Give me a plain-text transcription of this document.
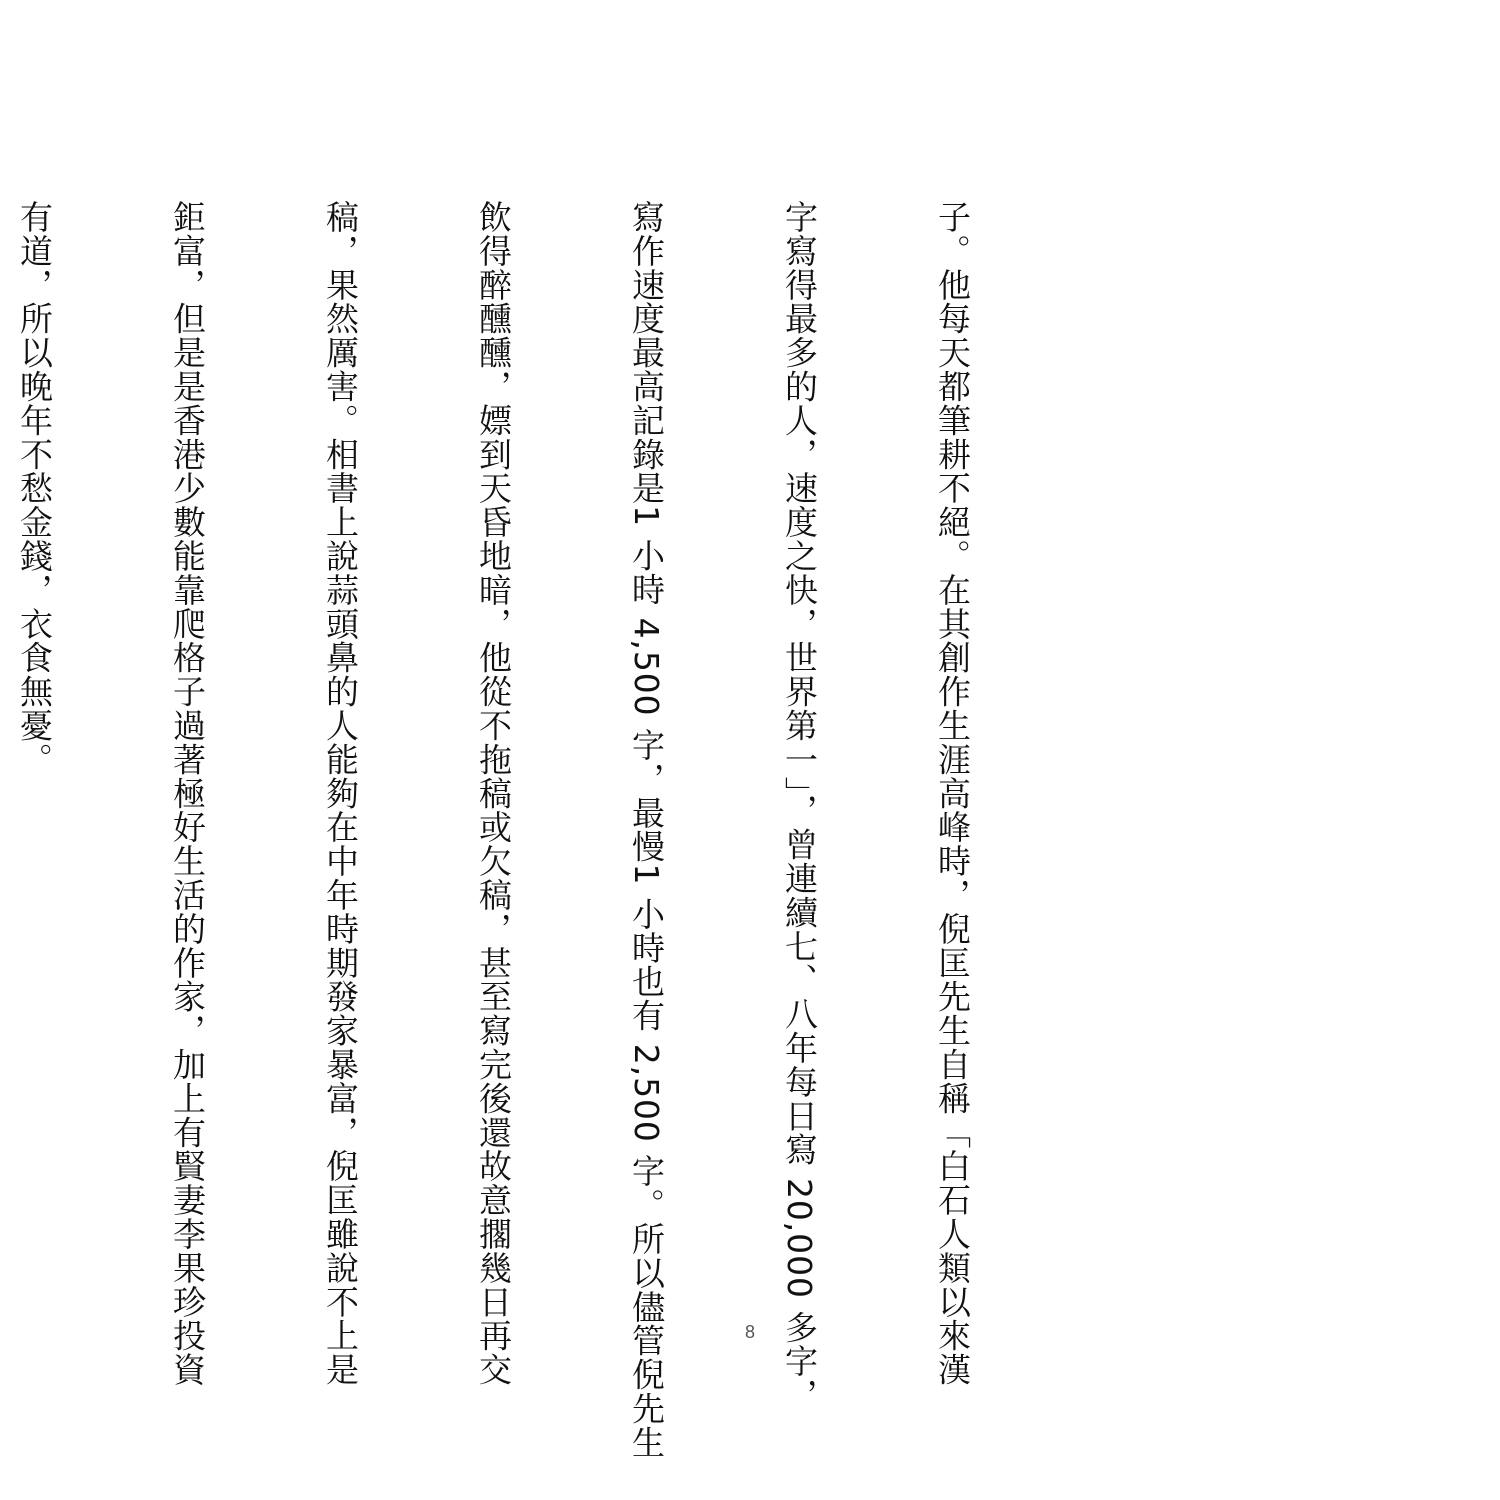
子。他每天都筆耕不絕。在其創作生涯高峰時，倪匡先生自稱「白石人類以來漢

字寫得最多的人，速度之快，世界第一」，曾連續七、八年每日寫 20,000 多字，

寫作速度最高記錄是1 小時 4,500 字，最慢1 小時也有 2,500 字。所以儘管倪先生

飲得醉醺醺，嫖到天昏地暗，他從不拖稿或欠稿，甚至寫完後還故意擱幾日再交

稿，果然厲害。相書上說蒜頭鼻的人能夠在中年時期發家暴富，倪匡雖說不上是

鉅富，但是是香港少數能靠爬格子過著極好生活的作家，加上有賢妻李果珍投資

有道，所以晚年不愁金錢，衣食無憂。

8
